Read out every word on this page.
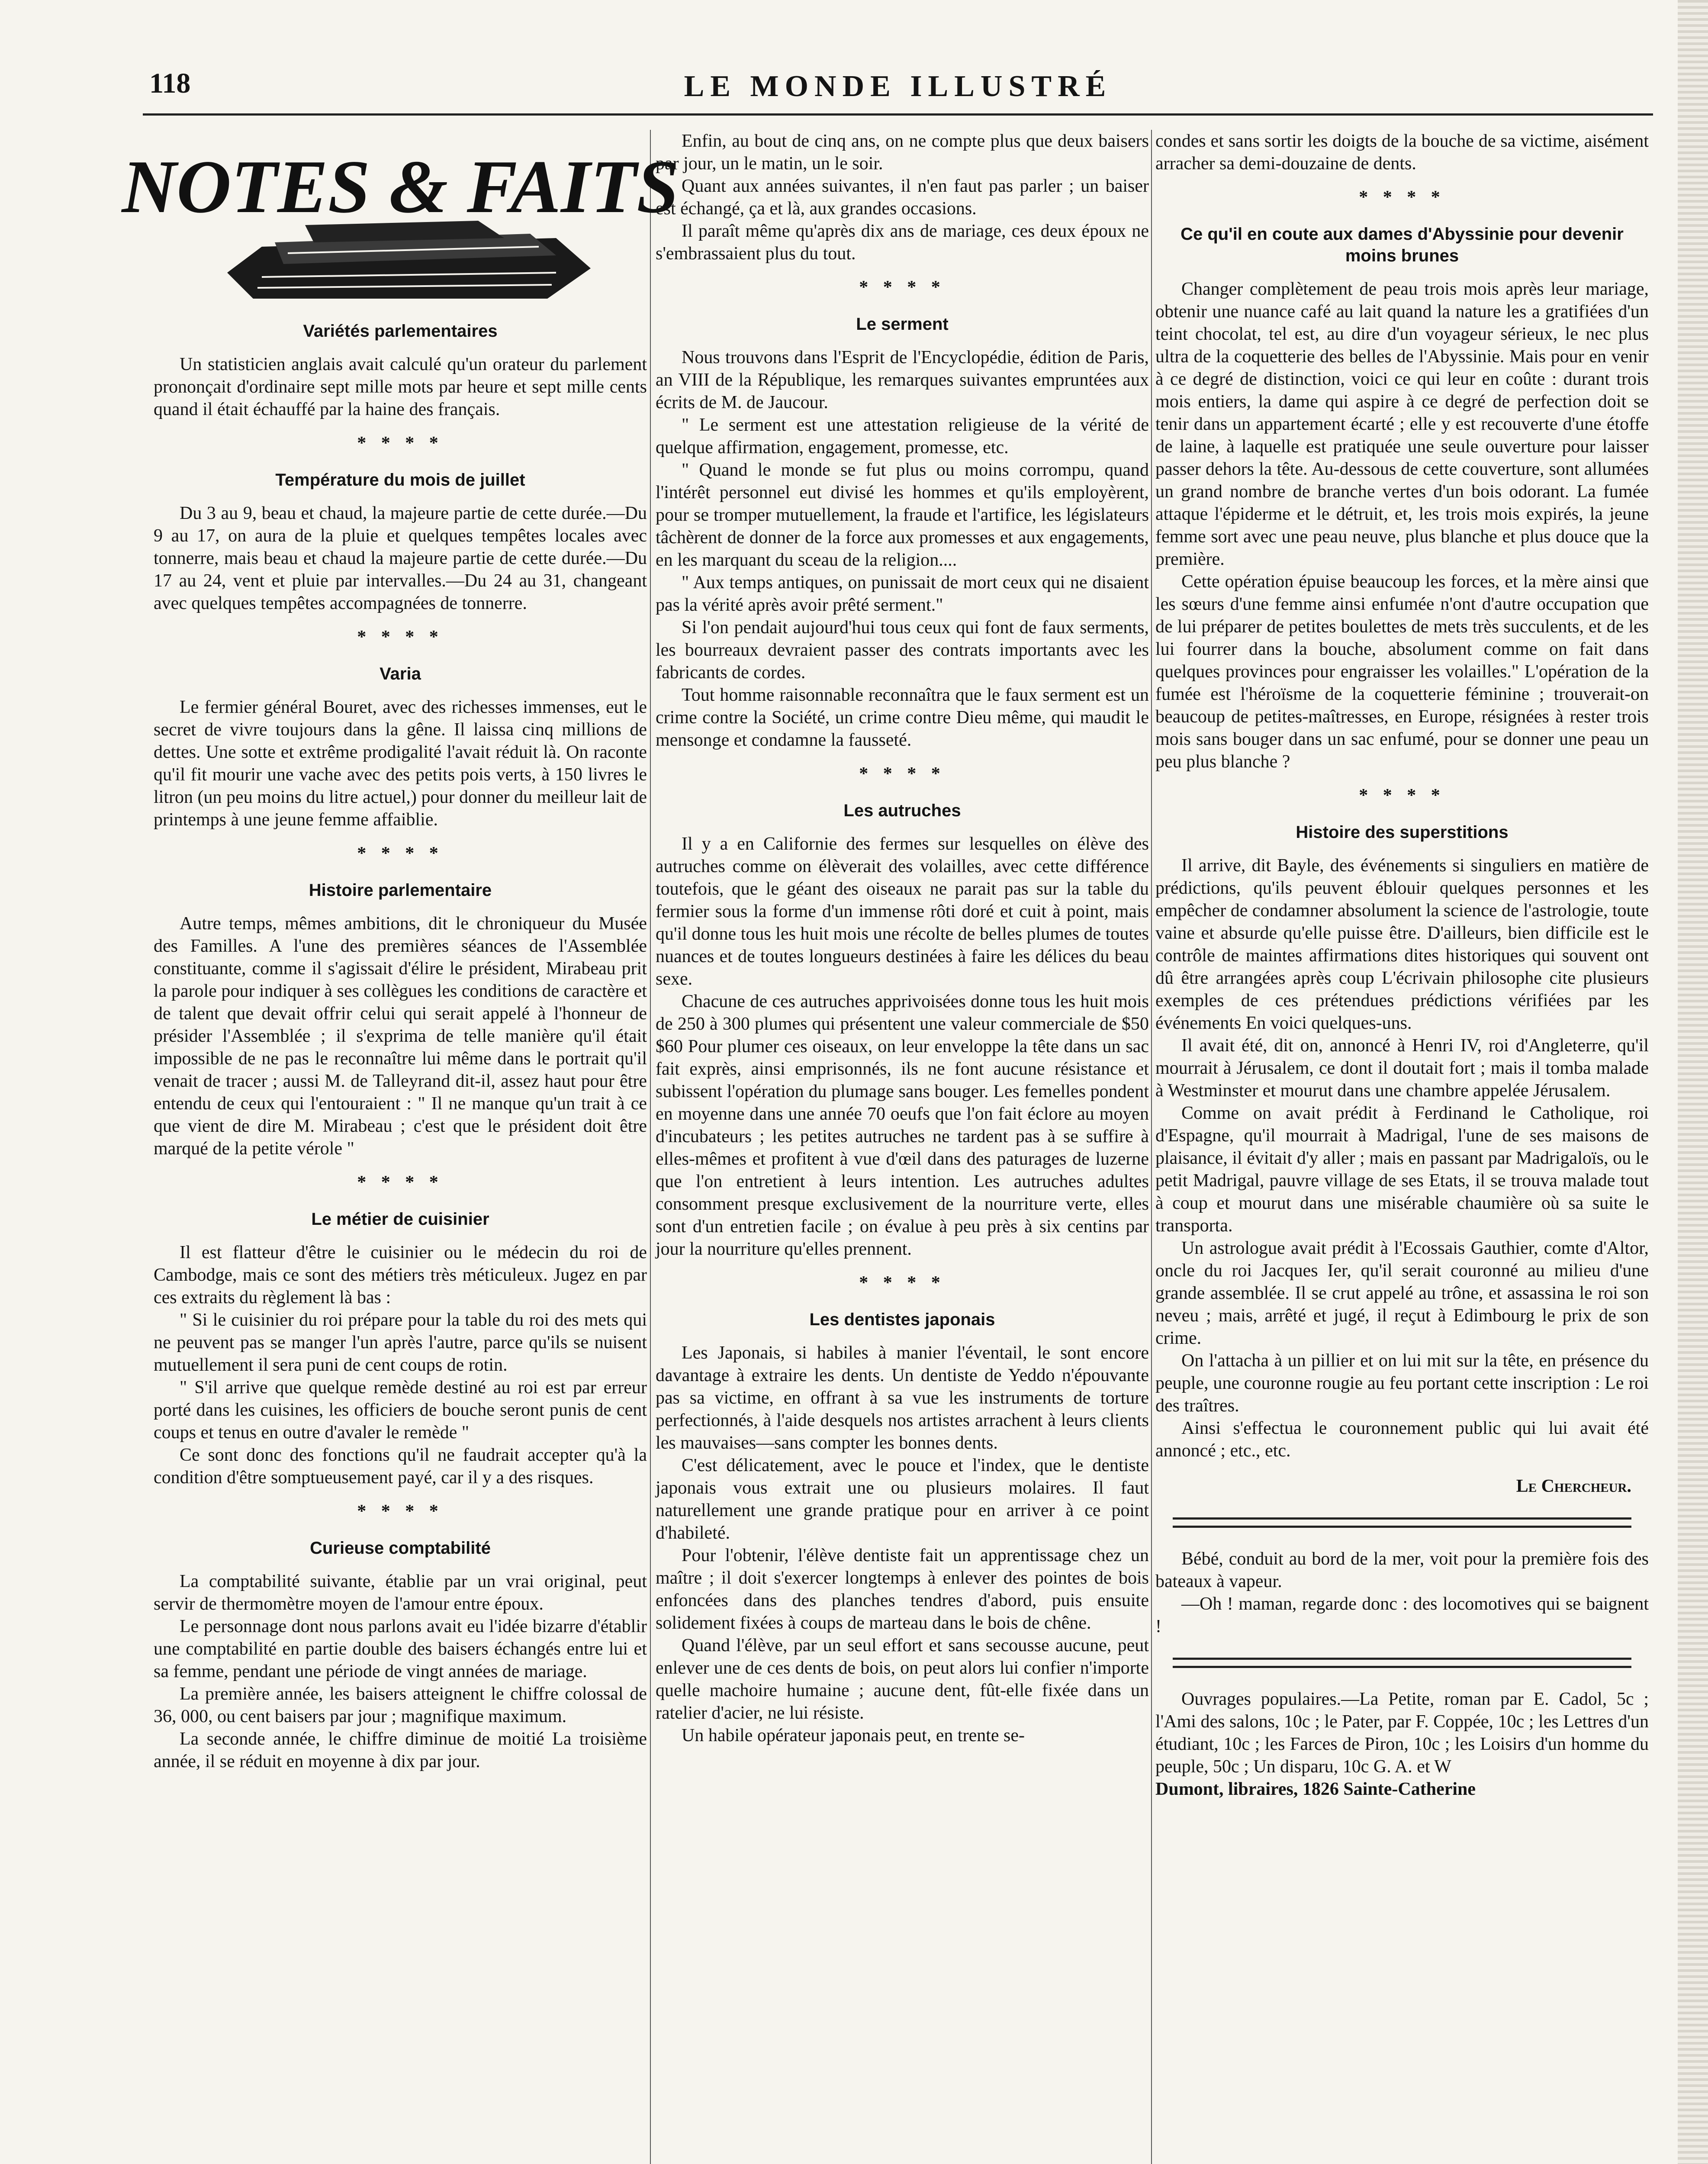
118	LE MONDE ILLUSTRÉ
NOTES & FAITS
Variétés parlementaires

Un statisticien anglais avait calculé qu'un orateur du parlement prononçait d'ordinaire sept mille mots par heure et sept mille cents quand il était échauffé par la haine des français.

* * * *
Température du mois de juillet

Du 3 au 9, beau et chaud, la majeure partie de cette durée.—Du 9 au 17, on aura de la pluie et quelques tempêtes locales avec tonnerre, mais beau et chaud la majeure partie de cette durée.—Du 17 au 24, vent et pluie par intervalles.—Du 24 au 31, changeant avec quelques tempêtes accompagnées de tonnerre.

* * * *
Varia

Le fermier général Bouret, avec des richesses immenses, eut le secret de vivre toujours dans la gêne. Il laissa cinq millions de dettes. Une sotte et extrême prodigalité l'avait réduit là. On raconte qu'il fit mourir une vache avec des petits pois verts, à 150 livres le litron (un peu moins du litre actuel,) pour donner du meilleur lait de printemps à une jeune femme affaiblie.

* * * *
Histoire parlementaire

Autre temps, mêmes ambitions, dit le chroniqueur du Musée des Familles. A l'une des premières séances de l'Assemblée constituante, comme il s'agissait d'élire le président, Mirabeau prit la parole pour indiquer à ses collègues les conditions de caractère et de talent que devait offrir celui qui serait appelé à l'honneur de présider l'Assemblée ; il s'exprima de telle manière qu'il était impossible de ne pas le reconnaître lui même dans le portrait qu'il venait de tracer ; aussi M. de Talleyrand dit-il, assez haut pour être entendu de ceux qui l'entouraient : " Il ne manque qu'un trait à ce que vient de dire M. Mirabeau ; c'est que le président doit être marqué de la petite vérole "

* * * *
Le métier de cuisinier

Il est flatteur d'être le cuisinier ou le médecin du roi de Cambodge, mais ce sont des métiers très méticuleux. Jugez en par ces extraits du règlement là bas :

" Si le cuisinier du roi prépare pour la table du roi des mets qui ne peuvent pas se manger l'un après l'autre, parce qu'ils se nuisent mutuellement il sera puni de cent coups de rotin.

" S'il arrive que quelque remède destiné au roi est par erreur porté dans les cuisines, les officiers de bouche seront punis de cent coups et tenus en outre d'avaler le remède "

Ce sont donc des fonctions qu'il ne faudrait accepter qu'à la condition d'être somptueusement payé, car il y a des risques.

* * * *
Curieuse comptabilité

La comptabilité suivante, établie par un vrai original, peut servir de thermomètre moyen de l'amour entre époux.

Le personnage dont nous parlons avait eu l'idée bizarre d'établir une comptabilité en partie double des baisers échangés entre lui et sa femme, pendant une période de vingt années de mariage.

La première année, les baisers atteignent le chiffre colossal de 36, 000, ou cent baisers par jour ; magnifique maximum.

La seconde année, le chiffre diminue de moitié La troisième année, il se réduit en moyenne à dix par jour.

Enfin, au bout de cinq ans, on ne compte plus que deux baisers par jour, un le matin, un le soir.

Quant aux années suivantes, il n'en faut pas parler ; un baiser est échangé, ça et là, aux grandes occasions.

Il paraît même qu'après dix ans de mariage, ces deux époux ne s'embrassaient plus du tout.

* * * *
Le serment

Nous trouvons dans l'Esprit de l'Encyclopédie, édition de Paris, an VIII de la République, les remarques suivantes empruntées aux écrits de M. de Jaucour.

" Le serment est une attestation religieuse de la vérité de quelque affirmation, engagement, promesse, etc.

" Quand le monde se fut plus ou moins corrompu, quand l'intérêt personnel eut divisé les hommes et qu'ils employèrent, pour se tromper mutuellement, la fraude et l'artifice, les législateurs tâchèrent de donner de la force aux promesses et aux engagements, en les marquant du sceau de la religion....

" Aux temps antiques, on punissait de mort ceux qui ne disaient pas la vérité après avoir prêté serment."

Si l'on pendait aujourd'hui tous ceux qui font de faux serments, les bourreaux devraient passer des contrats importants avec les fabricants de cordes.

Tout homme raisonnable reconnaîtra que le faux serment est un crime contre la Société, un crime contre Dieu même, qui maudit le mensonge et condamne la fausseté.

* * * *
Les autruches

Il y a en Californie des fermes sur lesquelles on élève des autruches comme on élèverait des volailles, avec cette différence toutefois, que le géant des oiseaux ne parait pas sur la table du fermier sous la forme d'un immense rôti doré et cuit à point, mais qu'il donne tous les huit mois une récolte de belles plumes de toutes nuances et de toutes longueurs destinées à faire les délices du beau sexe.

Chacune de ces autruches apprivoisées donne tous les huit mois de 250 à 300 plumes qui présentent une valeur commerciale de $50 $60 Pour plumer ces oiseaux, on leur enveloppe la tête dans un sac fait exprès, ainsi emprisonnés, ils ne font aucune résistance et subissent l'opération du plumage sans bouger. Les femelles pondent en moyenne dans une année 70 oeufs que l'on fait éclore au moyen d'incubateurs ; les petites autruches ne tardent pas à se suffire à elles-mêmes et profitent à vue d'œil dans des paturages de luzerne que l'on entretient à leurs intention. Les autruches adultes consomment presque exclusivement de la nourriture verte, elles sont d'un entretien facile ; on évalue à peu près à six centins par jour la nourriture qu'elles prennent.

* * * *
Les dentistes japonais

Les Japonais, si habiles à manier l'éventail, le sont encore davantage à extraire les dents. Un dentiste de Yeddo n'épouvante pas sa victime, en offrant à sa vue les instruments de torture perfectionnés, à l'aide desquels nos artistes arrachent à leurs clients les mauvaises—sans compter les bonnes dents.

C'est délicatement, avec le pouce et l'index, que le dentiste japonais vous extrait une ou plusieurs molaires. Il faut naturellement une grande pratique pour en arriver à ce point d'habileté.

Pour l'obtenir, l'élève dentiste fait un apprentissage chez un maître ; il doit s'exercer longtemps à enlever des pointes de bois enfoncées dans des planches tendres d'abord, puis ensuite solidement fixées à coups de marteau dans le bois de chêne.

Quand l'élève, par un seul effort et sans secousse aucune, peut enlever une de ces dents de bois, on peut alors lui confier n'importe quelle machoire humaine ; aucune dent, fût-elle fixée dans un ratelier d'acier, ne lui résiste.

Un habile opérateur japonais peut, en trente se-

condes et sans sortir les doigts de la bouche de sa victime, aisément arracher sa demi-douzaine de dents.

* * * *
Ce qu'il en coute aux dames d'Abyssinie pour devenir moins brunes

Changer complètement de peau trois mois après leur mariage, obtenir une nuance café au lait quand la nature les a gratifiées d'un teint chocolat, tel est, au dire d'un voyageur sérieux, le nec plus ultra de la coquetterie des belles de l'Abyssinie. Mais pour en venir à ce degré de distinction, voici ce qui leur en coûte : durant trois mois entiers, la dame qui aspire à ce degré de perfection doit se tenir dans un appartement écarté ; elle y est recouverte d'une étoffe de laine, à laquelle est pratiquée une seule ouverture pour laisser passer dehors la tête. Au-dessous de cette couverture, sont allumées un grand nombre de branche vertes d'un bois odorant. La fumée attaque l'épiderme et le détruit, et, les trois mois expirés, la jeune femme sort avec une peau neuve, plus blanche et plus douce que la première.

Cette opération épuise beaucoup les forces, et la mère ainsi que les sœurs d'une femme ainsi enfumée n'ont d'autre occupation que de lui préparer de petites boulettes de mets très succulents, et de les lui fourrer dans la bouche, absolument comme on fait dans quelques provinces pour engraisser les volailles." L'opération de la fumée est l'héroïsme de la coquetterie féminine ; trouverait-on beaucoup de petites-maîtresses, en Europe, résignées à rester trois mois sans bouger dans un sac enfumé, pour se donner une peau un peu plus blanche ?

* * * *
Histoire des superstitions

Il arrive, dit Bayle, des événements si singuliers en matière de prédictions, qu'ils peuvent éblouir quelques personnes et les empêcher de condamner absolument la science de l'astrologie, toute vaine et absurde qu'elle puisse être. D'ailleurs, bien difficile est le contrôle de maintes affirmations dites historiques qui souvent ont dû être arrangées après coup L'écrivain philosophe cite plusieurs exemples de ces prétendues prédictions vérifiées par les événements En voici quelques-uns.

Il avait été, dit on, annoncé à Henri IV, roi d'Angleterre, qu'il mourrait à Jérusalem, ce dont il doutait fort ; mais il tomba malade à Westminster et mourut dans une chambre appelée Jérusalem.

Comme on avait prédit à Ferdinand le Catholique, roi d'Espagne, qu'il mourrait à Madrigal, l'une de ses maisons de plaisance, il évitait d'y aller ; mais en passant par Madrigaloïs, ou le petit Madrigal, pauvre village de ses Etats, il se trouva malade tout à coup et mourut dans une misérable chaumière où sa suite le transporta.

Un astrologue avait prédit à l'Ecossais Gauthier, comte d'Altor, oncle du roi Jacques Ier, qu'il serait couronné au milieu d'une grande assemblée. Il se crut appelé au trône, et assassina le roi son neveu ; mais, arrêté et jugé, il reçut à Edimbourg le prix de son crime.

On l'attacha à un pillier et on lui mit sur la tête, en présence du peuple, une couronne rougie au feu portant cette inscription : Le roi des traîtres.

Ainsi s'effectua le couronnement public qui lui avait été annoncé ; etc., etc.

Le Chercheur.

Bébé, conduit au bord de la mer, voit pour la première fois des bateaux à vapeur.

—Oh ! maman, regarde donc : des locomotives qui se baignent !

Ouvrages populaires.—La Petite, roman par E. Cadol, 5c ; l'Ami des salons, 10c ; le Pater, par F. Coppée, 10c ; les Lettres d'un étudiant, 10c ; les Farces de Piron, 10c ; les Loisirs d'un homme du peuple, 50c ; Un disparu, 10c G. A. et W

Dumont, libraires, 1826 Sainte-Catherine
